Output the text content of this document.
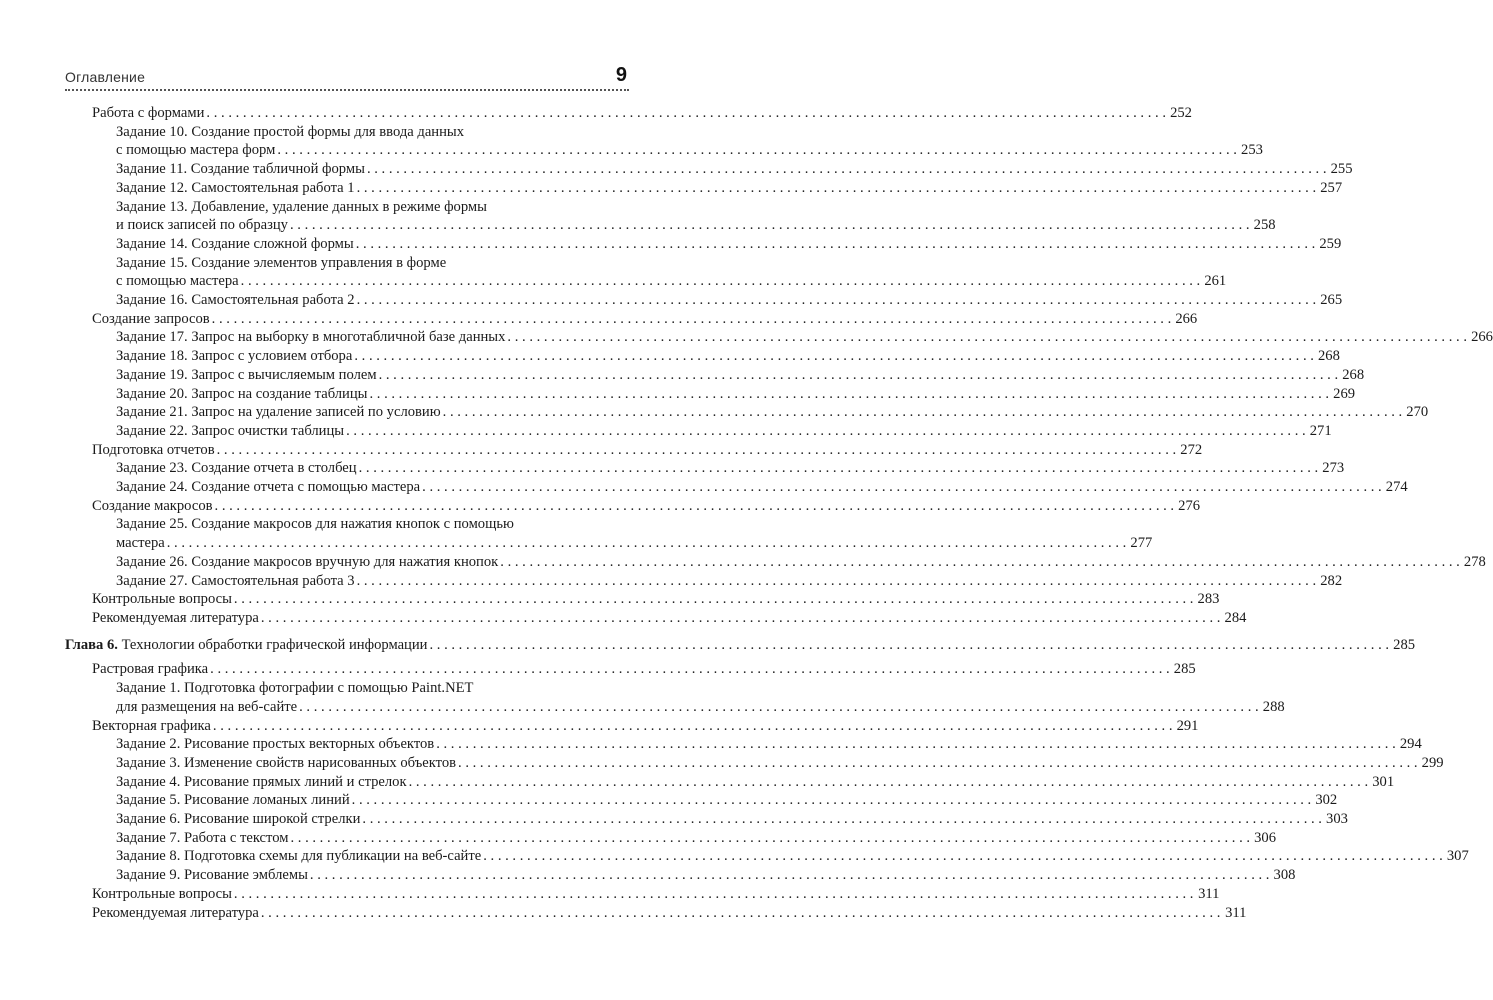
Оглавление	9
Работа с формами . . .	252
Задание 10. Создание простой формы для ввода данных
с помощью мастера форм . . .	253
Задание 11. Создание табличной формы . . .	255
Задание 12. Самостоятельная работа 1 . . .	257
Задание 13. Добавление, удаление данных в режиме формы
и поиск записей по образцу . . .	258
Задание 14. Создание сложной формы . . .	259
Задание 15. Создание элементов управления в форме
с помощью мастера . . .	261
Задание 16. Самостоятельная работа 2 . . .	265
Создание запросов . . .	266
Задание 17. Запрос на выборку в многотабличной базе данных . . .	266
Задание 18. Запрос с условием отбора . . .	268
Задание 19. Запрос с вычисляемым полем . . .	268
Задание 20. Запрос на создание таблицы . . .	269
Задание 21. Запрос на удаление записей по условию . . .	270
Задание 22. Запрос очистки таблицы . . .	271
Подготовка отчетов . . .	272
Задание 23. Создание отчета в столбец . . .	273
Задание 24. Создание отчета с помощью мастера . . .	274
Создание макросов . . .	276
Задание 25. Создание макросов для нажатия кнопок с помощью
мастера . . .	277
Задание 26. Создание макросов вручную для нажатия кнопок . . .	278
Задание 27. Самостоятельная работа 3 . . .	282
Контрольные вопросы . . .	283
Рекомендуемая литература . . .	284
Глава 6. Технологии обработки графической информации . . .	285
Растровая графика . . .	285
Задание 1. Подготовка фотографии с помощью Paint.NET
для размещения на веб-сайте . . .	288
Векторная графика . . .	291
Задание 2. Рисование простых векторных объектов . . .	294
Задание 3. Изменение свойств нарисованных объектов . . .	299
Задание 4. Рисование прямых линий и стрелок . . .	301
Задание 5. Рисование ломаных линий . . .	302
Задание 6. Рисование широкой стрелки . . .	303
Задание 7. Работа с текстом . . .	306
Задание 8. Подготовка схемы для публикации на веб-сайте . . .	307
Задание 9. Рисование эмблемы . . .	308
Контрольные вопросы . . .	311
Рекомендуемая литература . . .	311
